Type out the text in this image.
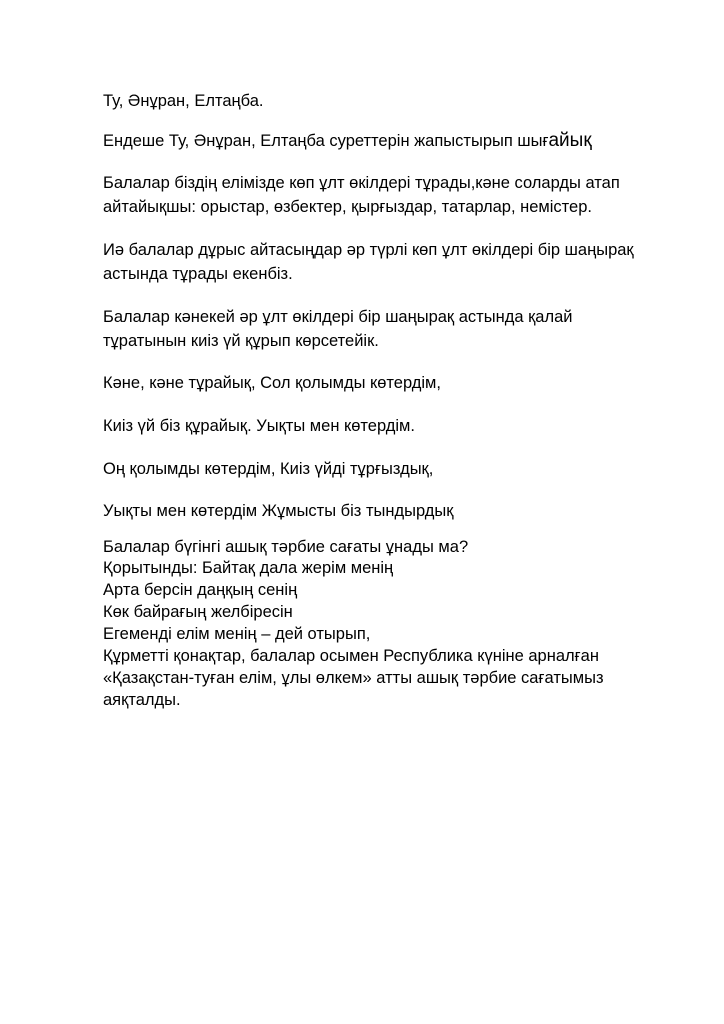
Ту, Әнұран, Елтаңба.
Ендеше Ту, Әнұран, Елтаңба суреттерін жапыстырып шығайық
Балалар біздің елімізде көп ұлт өкілдері тұрады,кәне соларды атап
айтайықшы: орыстар, өзбектер, қырғыздар, татарлар, немістер.
Иә балалар дұрыс айтасыңдар әр түрлі көп ұлт өкілдері бір шаңырақ
астында тұрады екенбіз.
Балалар кәнекей әр ұлт өкілдері бір шаңырақ астында қалай
тұратынын киіз үй құрып көрсетейік.
Кәне, кәне тұрайық, Сол қолымды көтердім,
Киіз үй біз құрайық. Уықты мен көтердім.
Оң қолымды көтердім, Киіз үйді тұрғыздық,
Уықты мен көтердім Жұмысты біз тындырдық
Балалар бүгінгі ашық тәрбие сағаты ұнады ма?
Қорытынды: Байтақ дала жерім менің
Арта берсін даңқың сенің
Көк байрағың желбіресін
Егеменді елім менің – дей отырып,
Құрметті қонақтар, балалар осымен Республика күніне арналған
«Қазақстан-туған елім, ұлы өлкем» атты ашық тәрбие сағатымыз
аяқталды.
